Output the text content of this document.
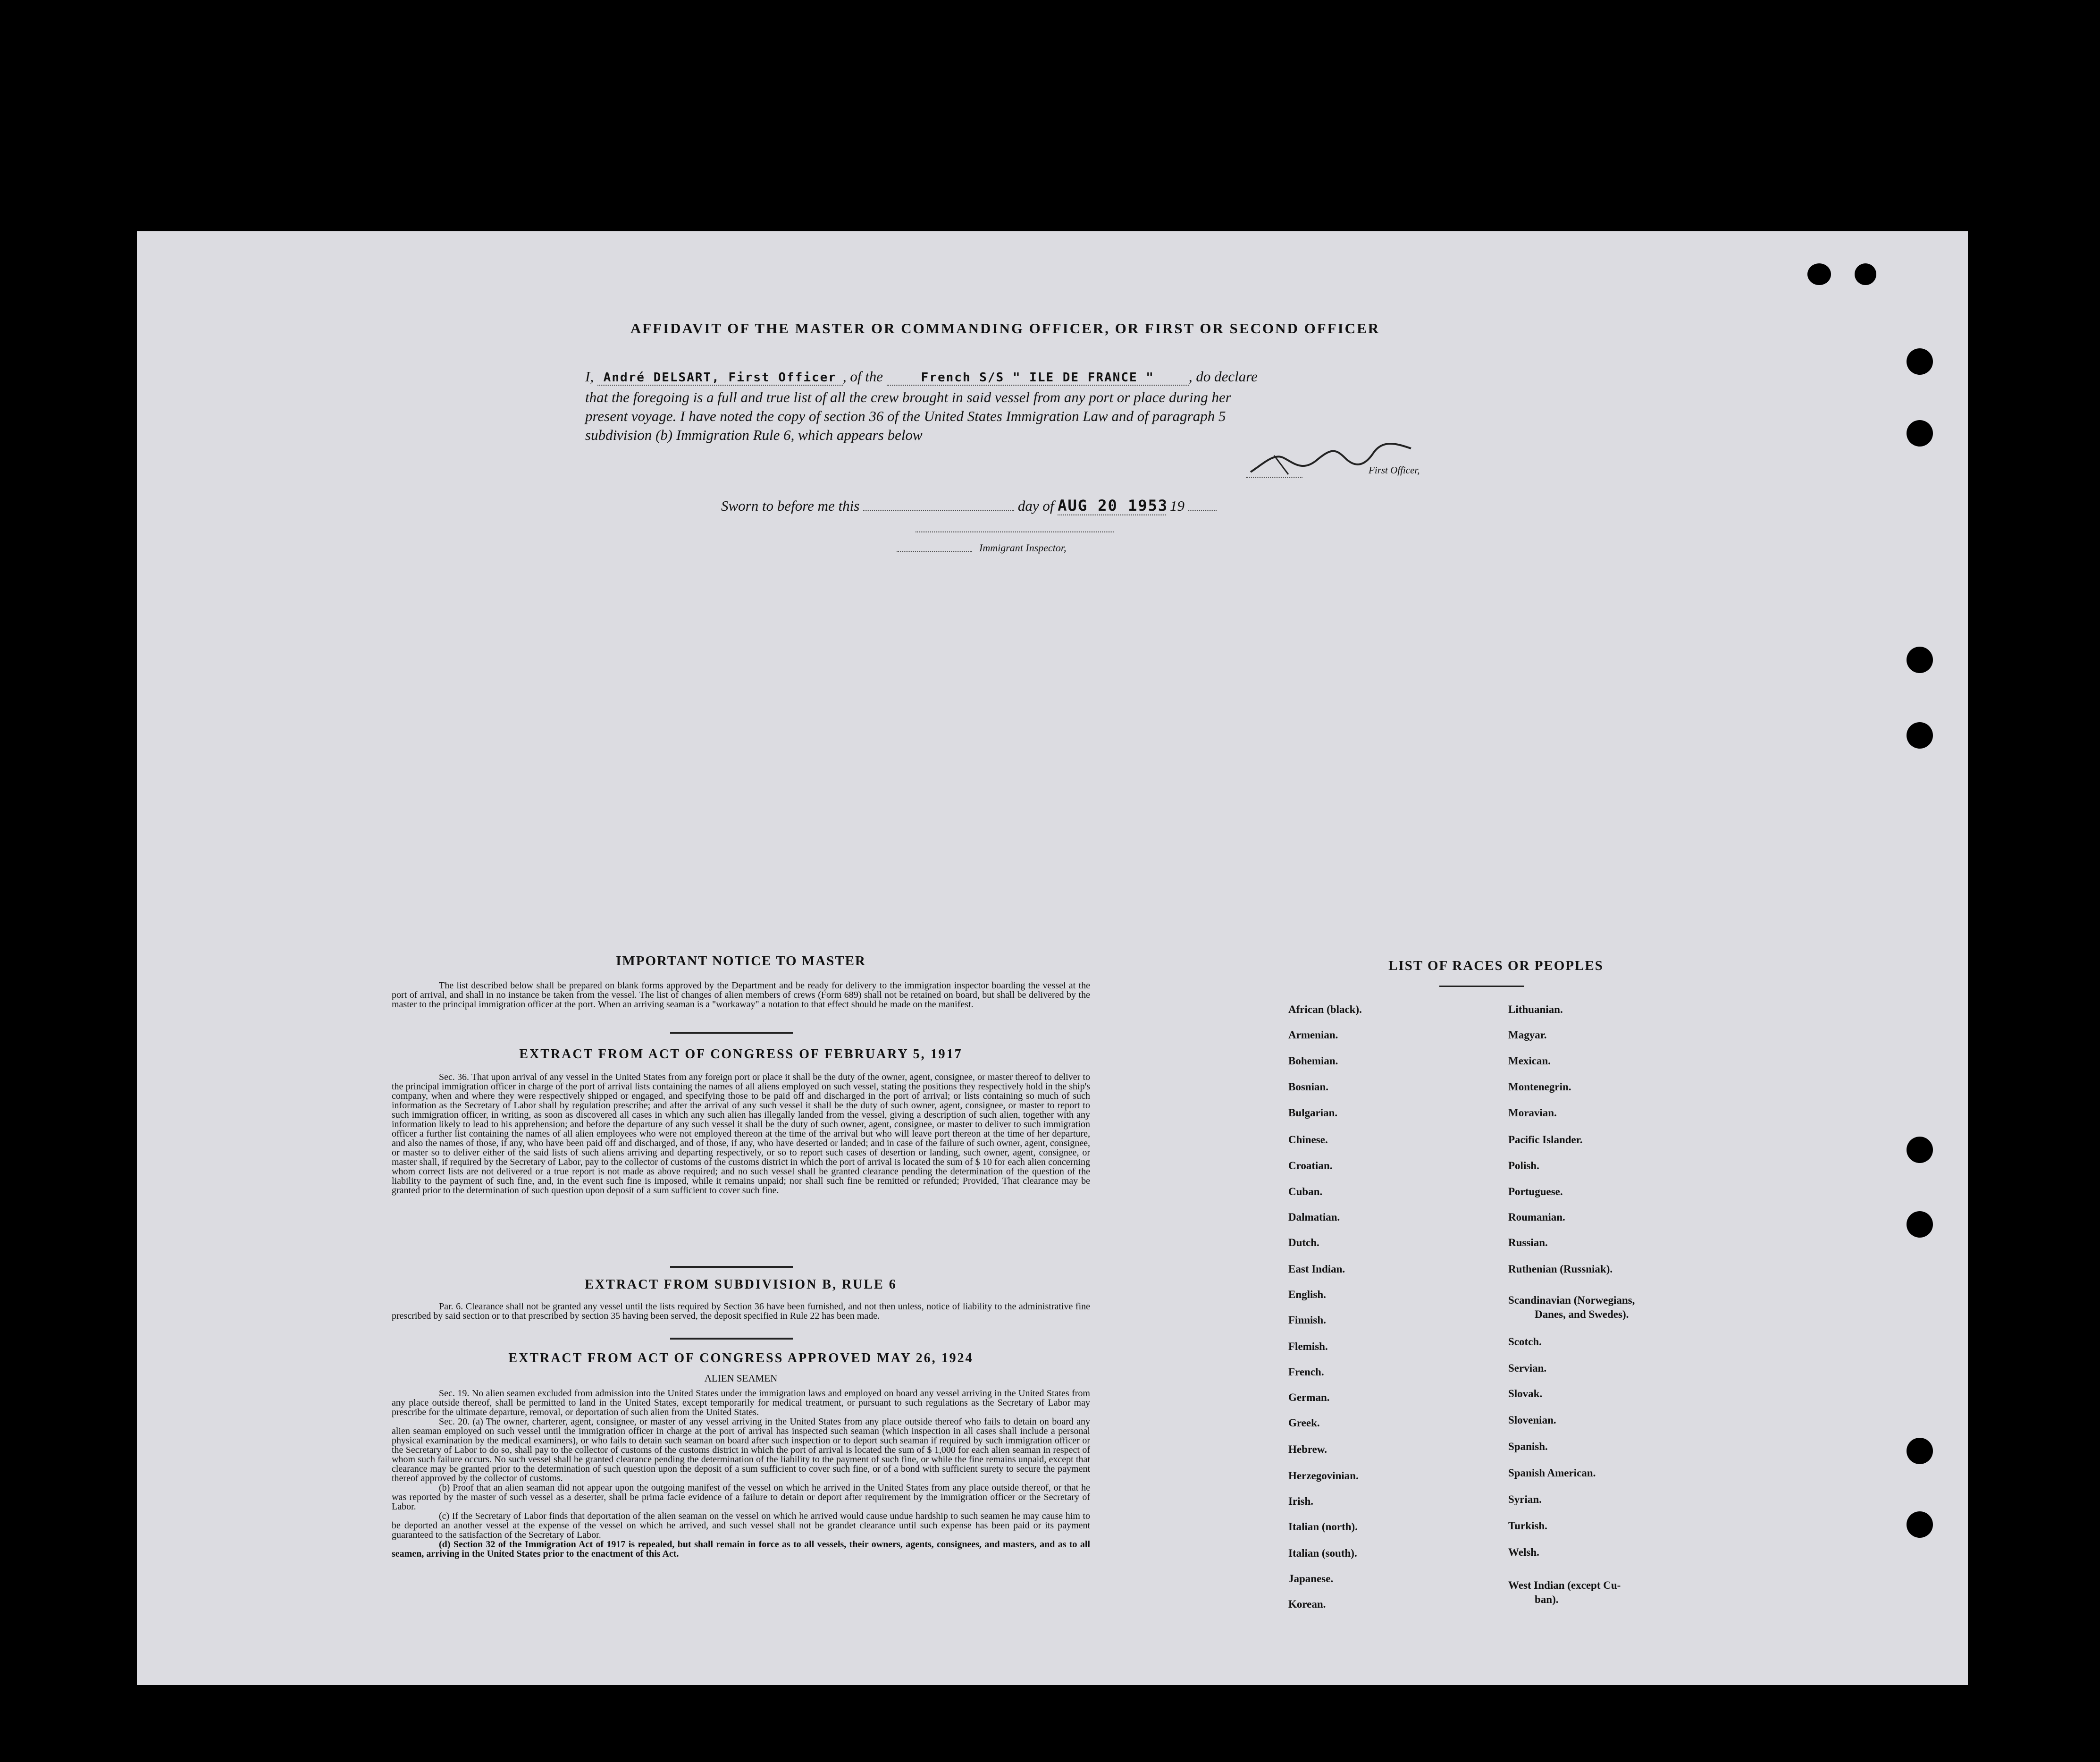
AFFIDAVIT OF THE MASTER OR COMMANDING OFFICER, OR FIRST OR SECOND OFFICER
I, André DELSART, First Officer , of the	French S/S " ILE DE FRANCE " , do declare
that the foregoing is a full and true list of all the crew brought in said vessel from any port or place during her
present voyage. I have noted the copy of section 36 of the United States Immigration Law and of paragraph 5
subdivision (b) Immigration Rule 6, which appears below
First Officer,
Sworn to before me this	day of AUG 20 1953 19
Immigrant Inspector,
IMPORTANT NOTICE TO MASTER
The list described below shall be prepared on blank forms approved by the Department and be ready for delivery to the immigration inspector boarding the vessel at the port of arrival, and shall in no instance be taken from the vessel. The list of changes of alien members of crews (Form 689) shall not be retained on board, but shall be delivered by the master to the principal immigration officer at the port. When an arriving seaman is a "workaway" a notation to that effect should be made on the manifest.
EXTRACT FROM ACT OF CONGRESS OF FEBRUARY 5, 1917
Sec. 36. That upon arrival of any vessel in the United States from any foreign port or place it shall be the duty of the owner, agent, consignee, or master thereof to deliver to the principal immigration officer in charge of the port of arrival lists containing the names of all aliens employed on such vessel, stating the positions they respectively hold in the ship's company, when and where they were respectively shipped or engaged, and specifying those to be paid off and discharged in the port of arrival; or lists containing so much of such information as the Secretary of Labor shall by regulation prescribe; and after the arrival of any such vessel it shall be the duty of such owner, agent, consignee, or master to report to such immigration officer, in writing, as soon as discovered all cases in which any such alien has illegally landed from the vessel, giving a description of such alien, together with any information likely to lead to his apprehension; and before the departure of any such vessel it shall be the duty of such owner, agent, consignee, or master to deliver to such immigration officer a further list containing the names of all alien employees who were not employed thereon at the time of the arrival but who will leave port thereon at the time of her departure, and also the names of those, if any, who have been paid off and discharged, and of those, if any, who have deserted or landed; and in case of the failure of such owner, agent, consignee, or master so to deliver either of the said lists of such aliens arriving and departing respectively, or so to report such cases of desertion or landing, such owner, agent, consignee, or master shall, if required by the Secretary of Labor, pay to the collector of customs of the customs district in which the port of arrival is located the sum of $ 10 for each alien concerning whom correct lists are not delivered or a true report is not made as above required; and no such vessel shall be granted clearance pending the determination of the question of the liability to the payment of such fine, and, in the event such fine is imposed, while it remains unpaid; nor shall such fine be remitted or refunded; Provided, That clearance may be granted prior to the determination of such question upon deposit of a sum sufficient to cover such fine.
EXTRACT FROM SUBDIVISION B, RULE 6
Par. 6. Clearance shall not be granted any vessel until the lists required by Section 36 have been furnished, and not then unless, notice of liability to the administrative fine prescribed by said section or to that prescribed by section 35 having been served, the deposit specified in Rule 22 has been made.
EXTRACT FROM ACT OF CONGRESS APPROVED MAY 26, 1924
ALIEN SEAMEN
Sec. 19. No alien seamen excluded from admission into the United States under the immigration laws and employed on board any vessel arriving in the United States from any place outside thereof, shall be permitted to land in the United States, except temporarily for medical treatment, or pursuant to such regulations as the Secretary of Labor may prescribe for the ultimate departure, removal, or deportation of such alien from the United States.
Sec. 20. (a) The owner, charterer, agent, consignee, or master of any vessel arriving in the United States from any place outside thereof who fails to detain on board any alien seaman employed on such vessel until the immigration officer in charge at the port of arrival has inspected such seaman (which inspection in all cases shall include a personal physical examination by the medical examiners), or who fails to detain such seaman on board after such inspection or to deport such seaman if required by such immigration officer or the Secretary of Labor to do so, shall pay to the collector of customs of the customs district in which the port of arrival is located the sum of $ 1,000 for each alien seaman in respect of whom such failure occurs. No such vessel shall be granted clearance pending the determination of the liability to the payment of such fine, or while the fine remains unpaid, except that clearance may be granted prior to the determination of such question upon the deposit of a sum sufficient to cover such fine, or of a bond with sufficient surety to secure the payment thereof approved by the collector of customs.
(b) Proof that an alien seaman did not appear upon the outgoing manifest of the vessel on which he arrived in the United States from any place outside thereof, or that he was reported by the master of such vessel as a deserter, shall be prima facie evidence of a failure to detain or deport after requirement by the immigration officer or the Secretary of Labor.
(c) If the Secretary of Labor finds that deportation of the alien seaman on the vessel on which he arrived would cause undue hardship to such seamen he may cause him to be deported an another vessel at the expense of the vessel on which he arrived, and such vessel shall not be grandet clearance until such expense has been paid or its payment guaranteed to the satisfaction of the Secretary of Labor.
(d) Section 32 of the Immigration Act of 1917 is repealed, but shall remain in force as to all vessels, their owners, agents, consignees, and masters, and as to all seamen, arriving in the United States prior to the enactment of this Act.
LIST OF RACES OR PEOPLES
African (black).
Armenian.
Bohemian.
Bosnian.
Bulgarian.
Chinese.
Croatian.
Cuban.
Dalmatian.
Dutch.
East Indian.
English.
Finnish.
Flemish.
French.
German.
Greek.
Hebrew.
Herzegovinian.
Irish.
Italian (north).
Italian (south).
Japanese.
Korean.
Lithuanian.
Magyar.
Mexican.
Montenegrin.
Moravian.
Pacific Islander.
Polish.
Portuguese.
Roumanian.
Russian.
Ruthenian (Russniak).
Scandinavian (Norwegians,
Danes, and Swedes).
Scotch.
Servian.
Slovak.
Slovenian.
Spanish.
Spanish American.
Syrian.
Turkish.
Welsh.
West Indian (except Cu-
ban).
